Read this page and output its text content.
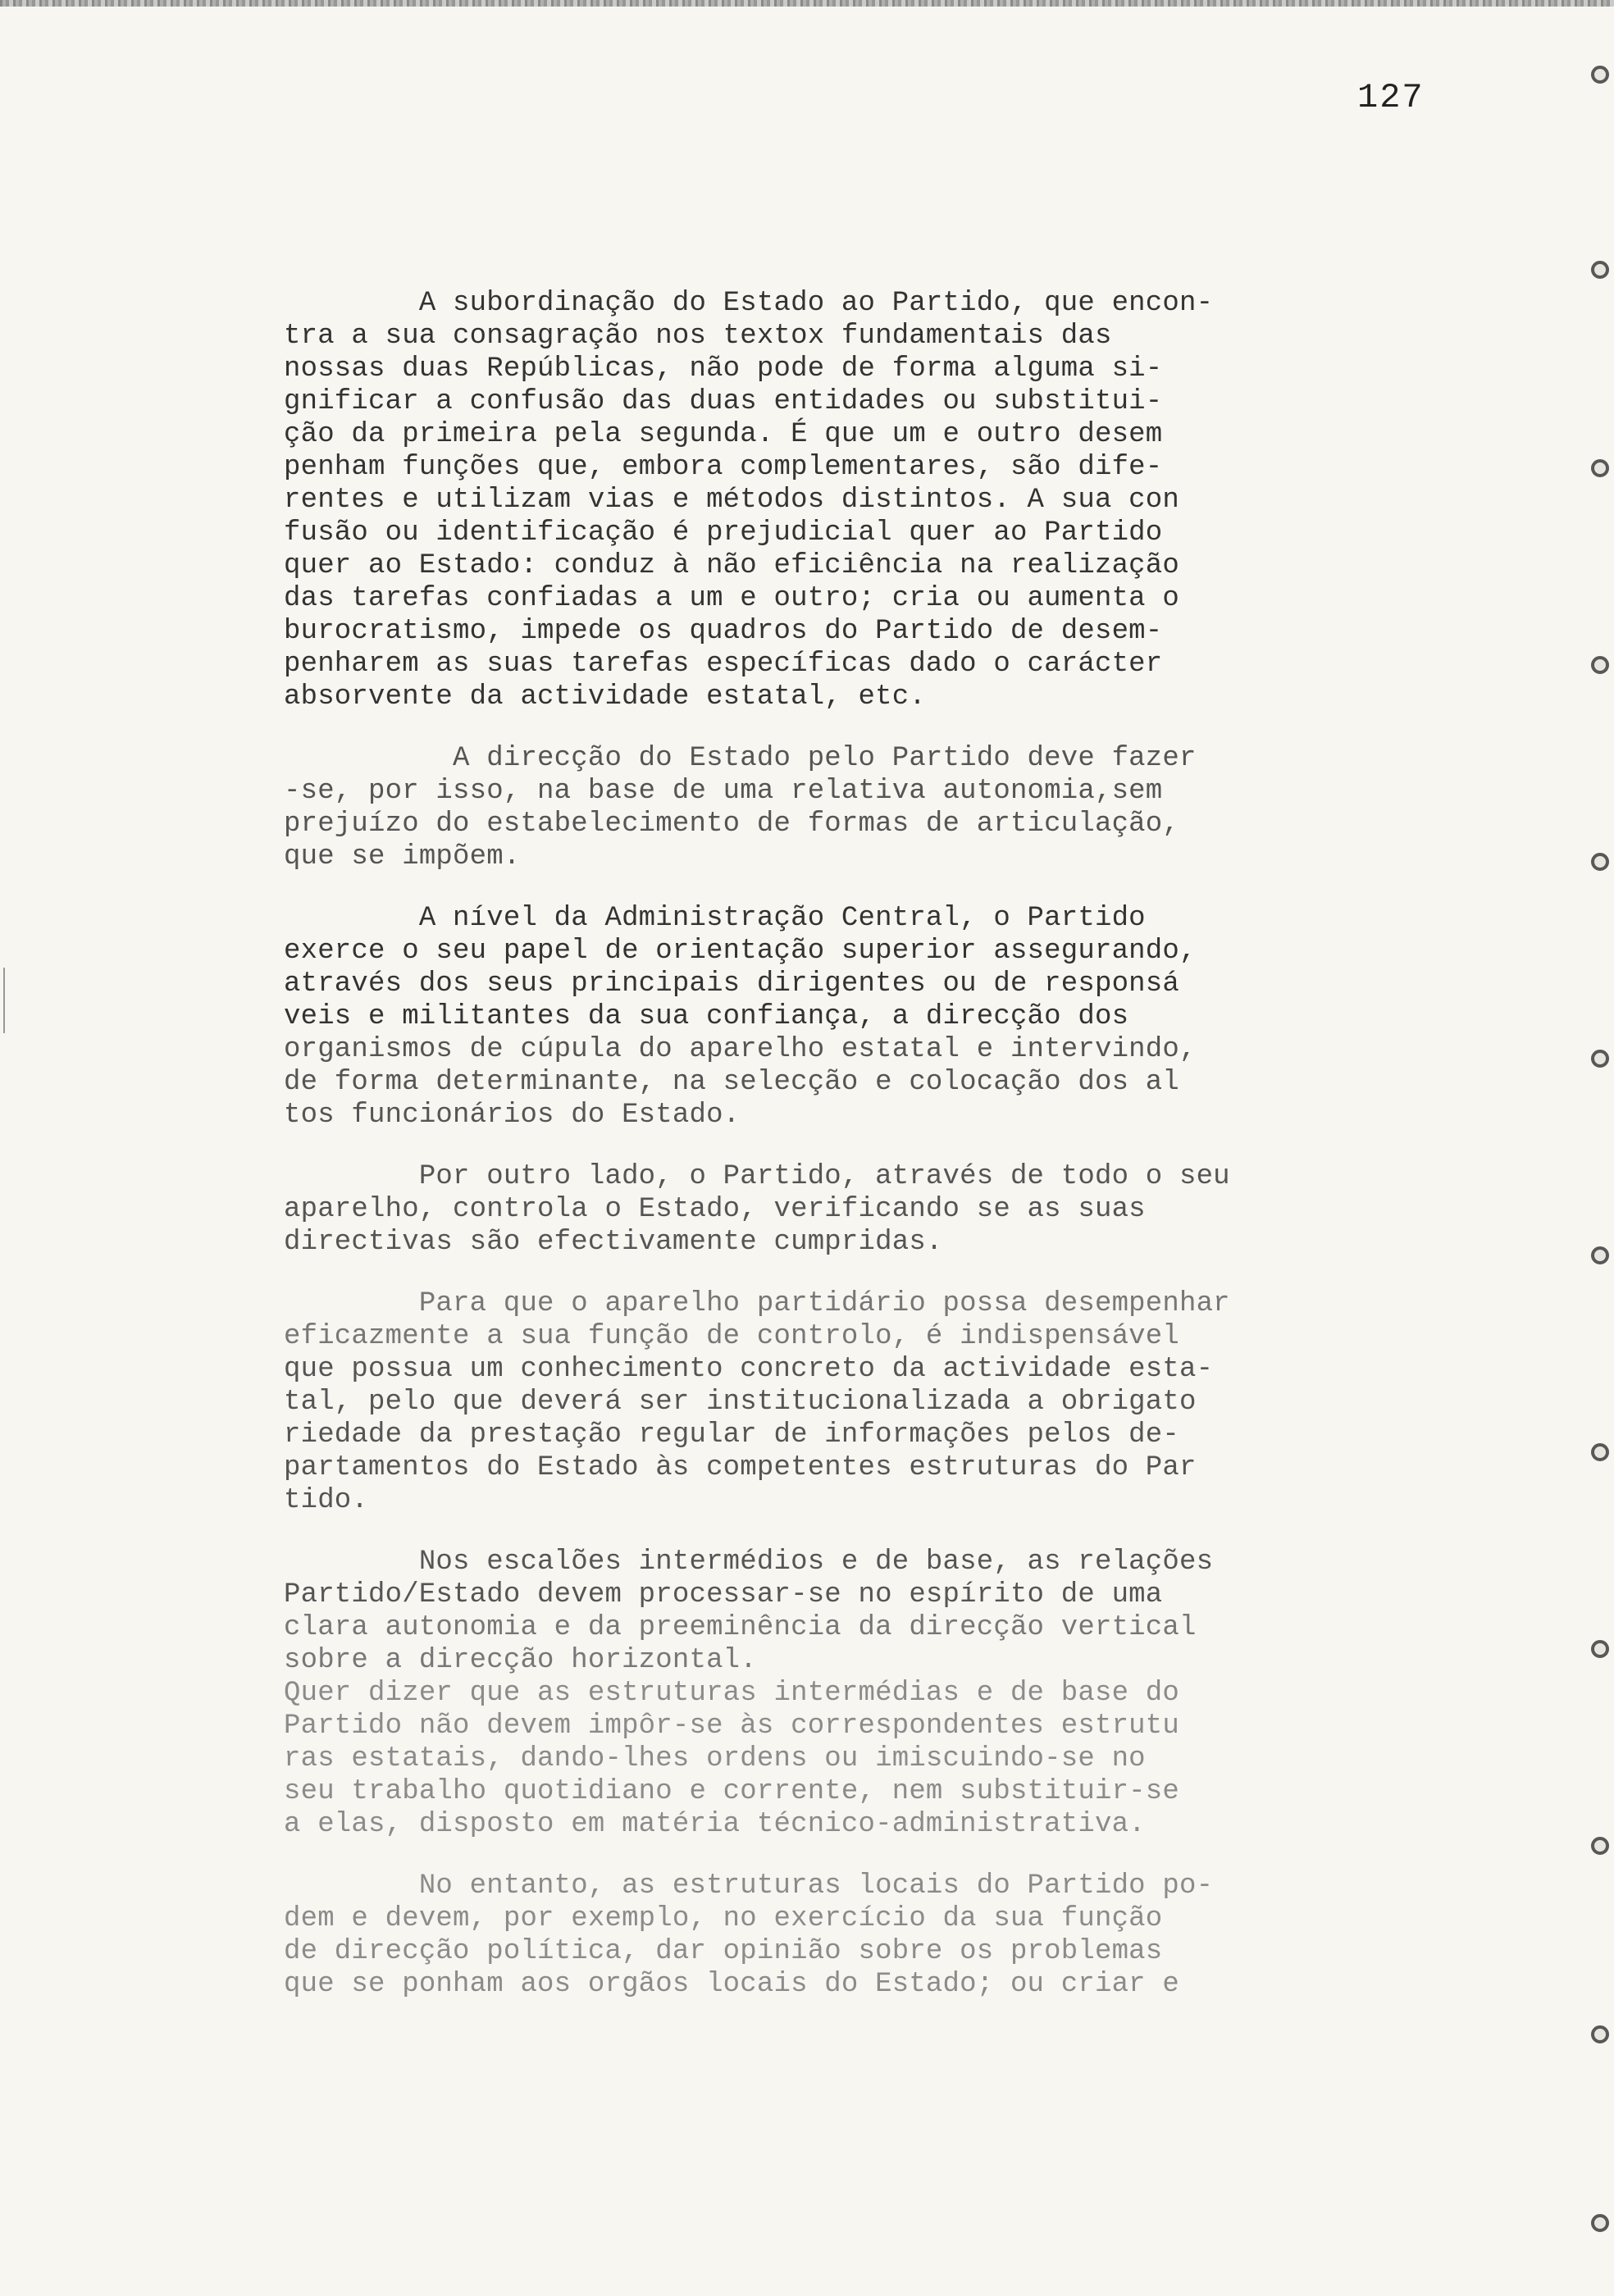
127
A subordinação do Estado ao Partido, que encon-
tra a sua consagração nos textox fundamentais das
nossas duas Repúblicas, não pode de forma alguma si-
gnificar a confusão das duas entidades ou substitui-
ção da primeira pela segunda. É que um e outro desem
penham funções que, embora complementares, são dife-
rentes e utilizam vias e métodos distintos. A sua con
fusão ou identificação é prejudicial quer ao Partido
quer ao Estado: conduz à não eficiência na realização
das tarefas confiadas a um e outro; cria ou aumenta o
burocratismo, impede os quadros do Partido de desem-
penharem as suas tarefas específicas dado o carácter
absorvente da actividade estatal, etc.
A direcção do Estado pelo Partido deve fazer
-se, por isso, na base de uma relativa autonomia,sem
prejuízo do estabelecimento de formas de articulação,
que se impõem.
A nível da Administração Central, o Partido
exerce o seu papel de orientação superior assegurando,
através dos seus principais dirigentes ou de responsá
veis e militantes da sua confiança, a direcção dos
organismos de cúpula do aparelho estatal e intervindo,
de forma determinante, na selecção e colocação dos al
tos funcionários do Estado.
Por outro lado, o Partido, através de todo o seu
aparelho, controla o Estado, verificando se as suas
directivas são efectivamente cumpridas.
Para que o aparelho partidário possa desempenhar
eficazmente a sua função de controlo, é indispensável
que possua um conhecimento concreto da actividade esta-
tal, pelo que deverá ser institucionalizada a obrigato
riedade da prestação regular de informações pelos de-
partamentos do Estado às competentes estruturas do Par
tido.
Nos escalões intermédios e de base, as relações
Partido/Estado devem processar-se no espírito de uma
clara autonomia e da preeminência da direcção vertical
sobre a direcção horizontal.
Quer dizer que as estruturas intermédias e de base do
Partido não devem impôr-se às correspondentes estrutu
ras estatais, dando-lhes ordens ou imiscuindo-se no
seu trabalho quotidiano e corrente, nem substituir-se
a elas, disposto em matéria técnico-administrativa.
No entanto, as estruturas locais do Partido po-
dem e devem, por exemplo, no exercício da sua função
de direcção política, dar opinião sobre os problemas
que se ponham aos orgãos locais do Estado; ou criar e
